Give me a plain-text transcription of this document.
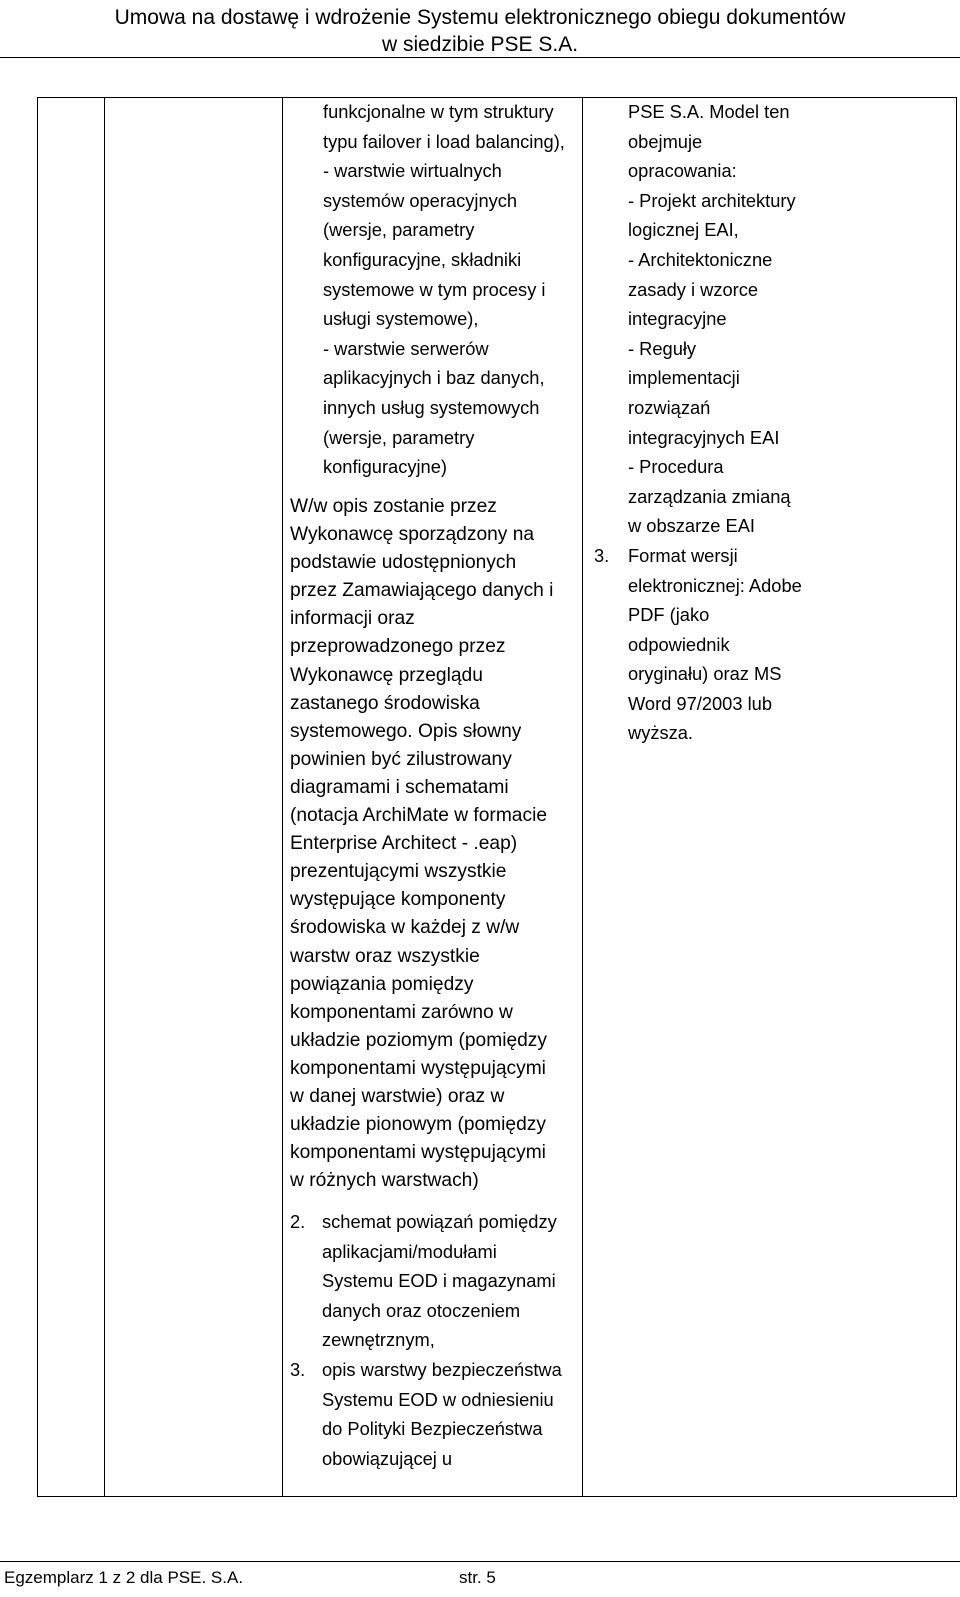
Umowa na dostawę i wdrożenie Systemu elektronicznego obiegu dokumentów
w siedzibie PSE S.A.
funkcjonalne w tym struktury
typu failover i load balancing),
- warstwie wirtualnych
systemów operacyjnych
(wersje, parametry
konfiguracyjne, składniki
systemowe w tym procesy i
usługi systemowe),
- warstwie serwerów
aplikacyjnych i baz danych,
innych usług systemowych
(wersje, parametry
konfiguracyjne)
W/w opis zostanie przez
Wykonawcę sporządzony na
podstawie udostępnionych
przez Zamawiającego danych i
informacji oraz
przeprowadzonego przez
Wykonawcę przeglądu
zastanego środowiska
systemowego. Opis słowny
powinien być zilustrowany
diagramami i schematami
(notacja ArchiMate w formacie
Enterprise Architect - .eap)
prezentującymi wszystkie
występujące komponenty
środowiska w każdej z w/w
warstw oraz wszystkie
powiązania pomiędzy
komponentami zarówno w
układzie poziomym (pomiędzy
komponentami występującymi
w danej warstwie) oraz w
układzie pionowym (pomiędzy
komponentami występującymi
w różnych warstwach)
2. schemat powiązań pomiędzy
aplikacjami/modułami
Systemu EOD i magazynami
danych oraz otoczeniem
zewnętrznym,
3. opis warstwy bezpieczeństwa
Systemu EOD w odniesieniu
do Polityki Bezpieczeństwa
obowiązującej u
PSE S.A. Model ten
obejmuje
opracowania:
- Projekt architektury
logicznej EAI,
- Architektoniczne
zasady i wzorce
integracyjne
- Reguły
implementacji
rozwiązań
integracyjnych EAI
- Procedura
zarządzania zmianą
w obszarze EAI
3. Format wersji
elektronicznej: Adobe
PDF (jako
odpowiednik
oryginału) oraz MS
Word 97/2003 lub
wyższa.
Egzemplarz 1 z 2 dla PSE. S.A.	str. 5
